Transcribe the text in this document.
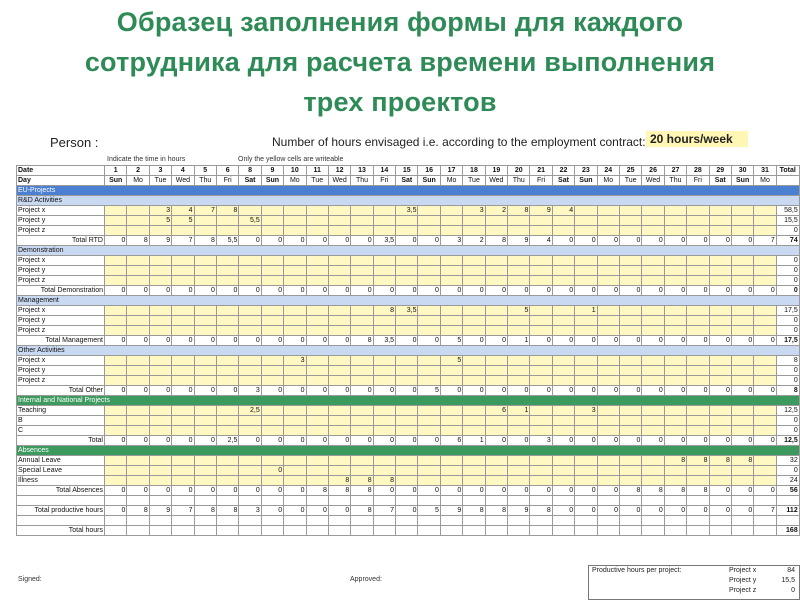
Образец заполнения формы для каждого
сотрудника для расчета времени выполнения
трех проектов
Person :	Number of hours envisaged i.e. according to the employment contract: 20 hours/week
Indicate the time in hours	Only the yellow cells are writeable
Date	1	2	3	4	5	6	8	9	10	11	12	13	14	15	16	17	18	19	20	21	22	23	24	25	26	27	28	29	30	31	Total
Day	Sun	Mo	Tue	Wed	Thu	Fri	Sat	Sun	Mo	Tue	Wed	Thu	Fri	Sat	Sun	Mo	Tue	Wed	Thu	Fri	Sat	Sun	Mo	Tue	Wed	Thu	Fri	Sat	Sun	Mo	
EU-Projects																															
R&D Activities																															
Project x			3	4	7	8								3,5			3	2	8	9	4										58,5
Project y			5	5			5,5																								15,5
Project z																															0
Total RTD	0	8	9	7	8	5,5	0	0	0	0	0	0	3,5	0	0	3	2	8	9	4	0	0	0	0	0	0	0	0	0	7	74
Demonstration																															
Project x																															0
Project y																															0
Project z																															0
Total Demonstration	0	0	0	0	0	0	0	0	0	0	0	0	0	0	0	0	0	0	0	0	0	0	0	0	0	0	0	0	0	0	0
Management																															
Project x													8	3,5					5			1									17,5
Project y																															0
Project z																															0
Total Management	0	0	0	0	0	0	0	0	0	0	0	8	3,5	0	0	5	0	0	1	0	0	0	0	0	0	0	0	0	0	0	17,5
Other Activities																															
Project x									3							5															8
Project y																															0
Project z																															0
Total Other	0	0	0	0	0	0	3	0	0	0	0	0	0	0	5	0	0	0	0	0	0	0	0	0	0	0	0	0	0	0	8
Internal and National Projects																															
Teaching							2,5											6	1			3									12,5
B																															0
C																															0
Total	0	0	0	0	0	2,5	0	0	0	0	0	0	0	0	0	6	1	0	0	3	0	0	0	0	0	0	0	0	0	0	12,5
Absences																															
Annual Leave																										8	8	8	8		32
Special Leave								0																							0
Illness											8	8	8																		24
Total Absences	0	0	0	0	0	0	0	0	0	8	8	8	0	0	0	0	0	0	0	0	0	0	0	8	8	8	8	0	0	0	56

Total productive hours	0	8	9	7	8	8	3	0	0	0	0	8	7	0	5	9	8	8	9	8	0	0	0	0	0	0	0	0	0	7	112

Total hours																															168
Signed:	Approved:
Productive hours per project:	Project x	84
Project y	15,5
Project z	0
